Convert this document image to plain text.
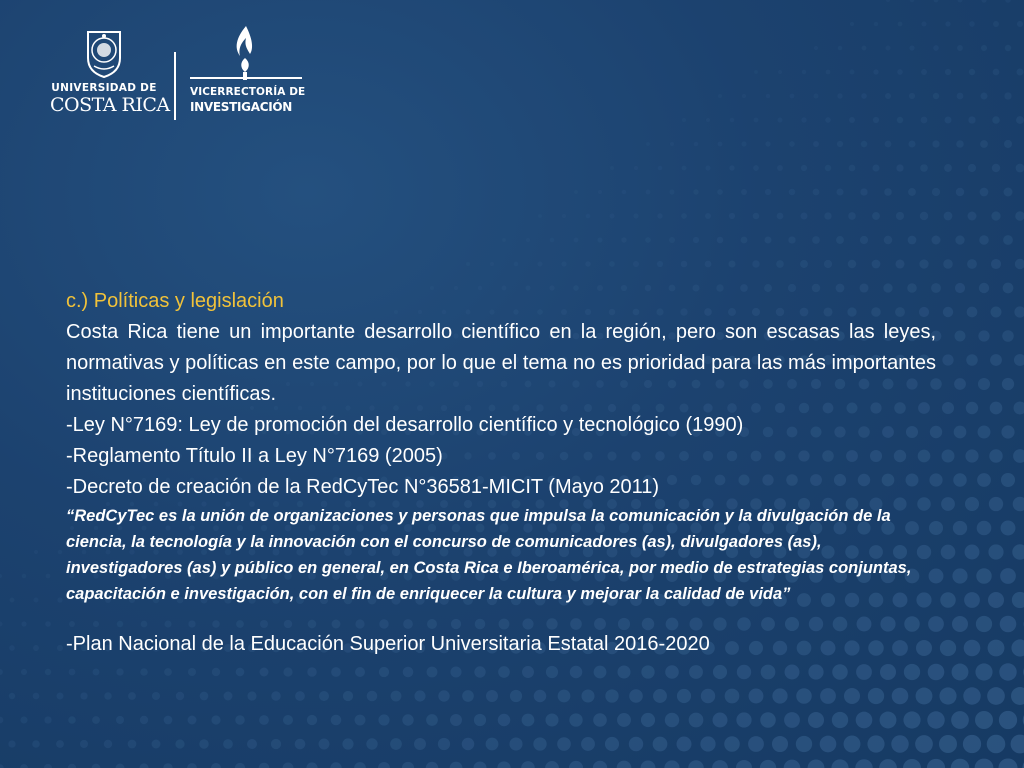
UNIVERSIDAD DE
COSTA RICA
VICERRECTORÍA DE
INVESTIGACIÓN

c.) Políticas y legislación

Costa Rica tiene un importante desarrollo científico en la región, pero son escasas las leyes, normativas y políticas en este campo, por lo que el tema no es prioridad para las más importantes instituciones científicas.

-Ley N°7169: Ley de promoción del desarrollo científico y tecnológico (1990)

-Reglamento Título II a Ley N°7169 (2005)

-Decreto de creación de la RedCyTec N°36581-MICIT (Mayo 2011)

“RedCyTec es la unión de organizaciones y personas que impulsa la comunicación y la divulgación de la ciencia, la tecnología y la innovación con el concurso de comunicadores (as), divulgadores (as), investigadores (as) y público en general, en Costa Rica e Iberoamérica, por medio de estrategias conjuntas, capacitación e investigación, con el fin de enriquecer la cultura y mejorar la calidad de vida”

-Plan Nacional de la Educación Superior Universitaria Estatal 2016-2020
